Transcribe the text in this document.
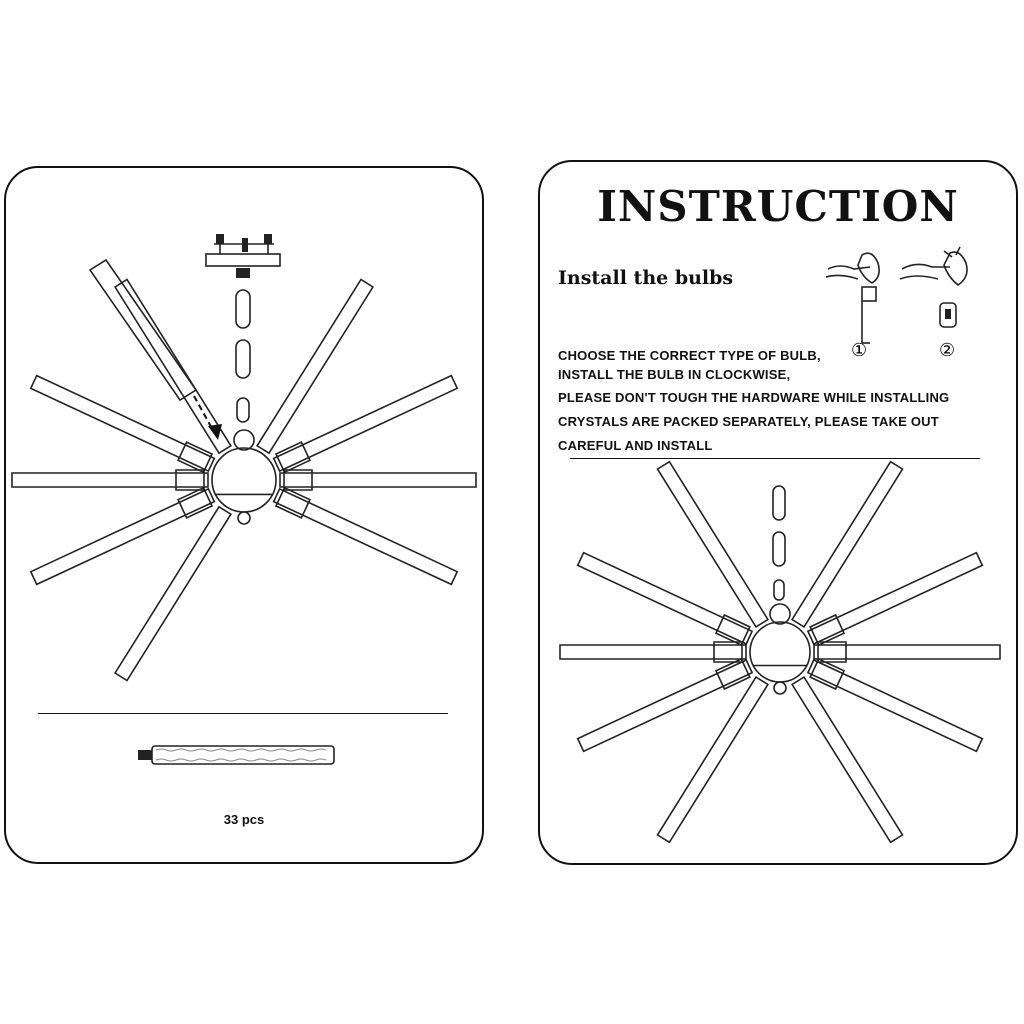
33 pcs
INSTRUCTION
Install the bulbs
①	②
CHOOSE THE CORRECT TYPE OF BULB,
INSTALL THE BULB IN CLOCKWISE,
PLEASE DON'T TOUGH THE HARDWARE WHILE INSTALLING
CRYSTALS ARE PACKED SEPARATELY, PLEASE TAKE OUT
CAREFUL AND INSTALL
